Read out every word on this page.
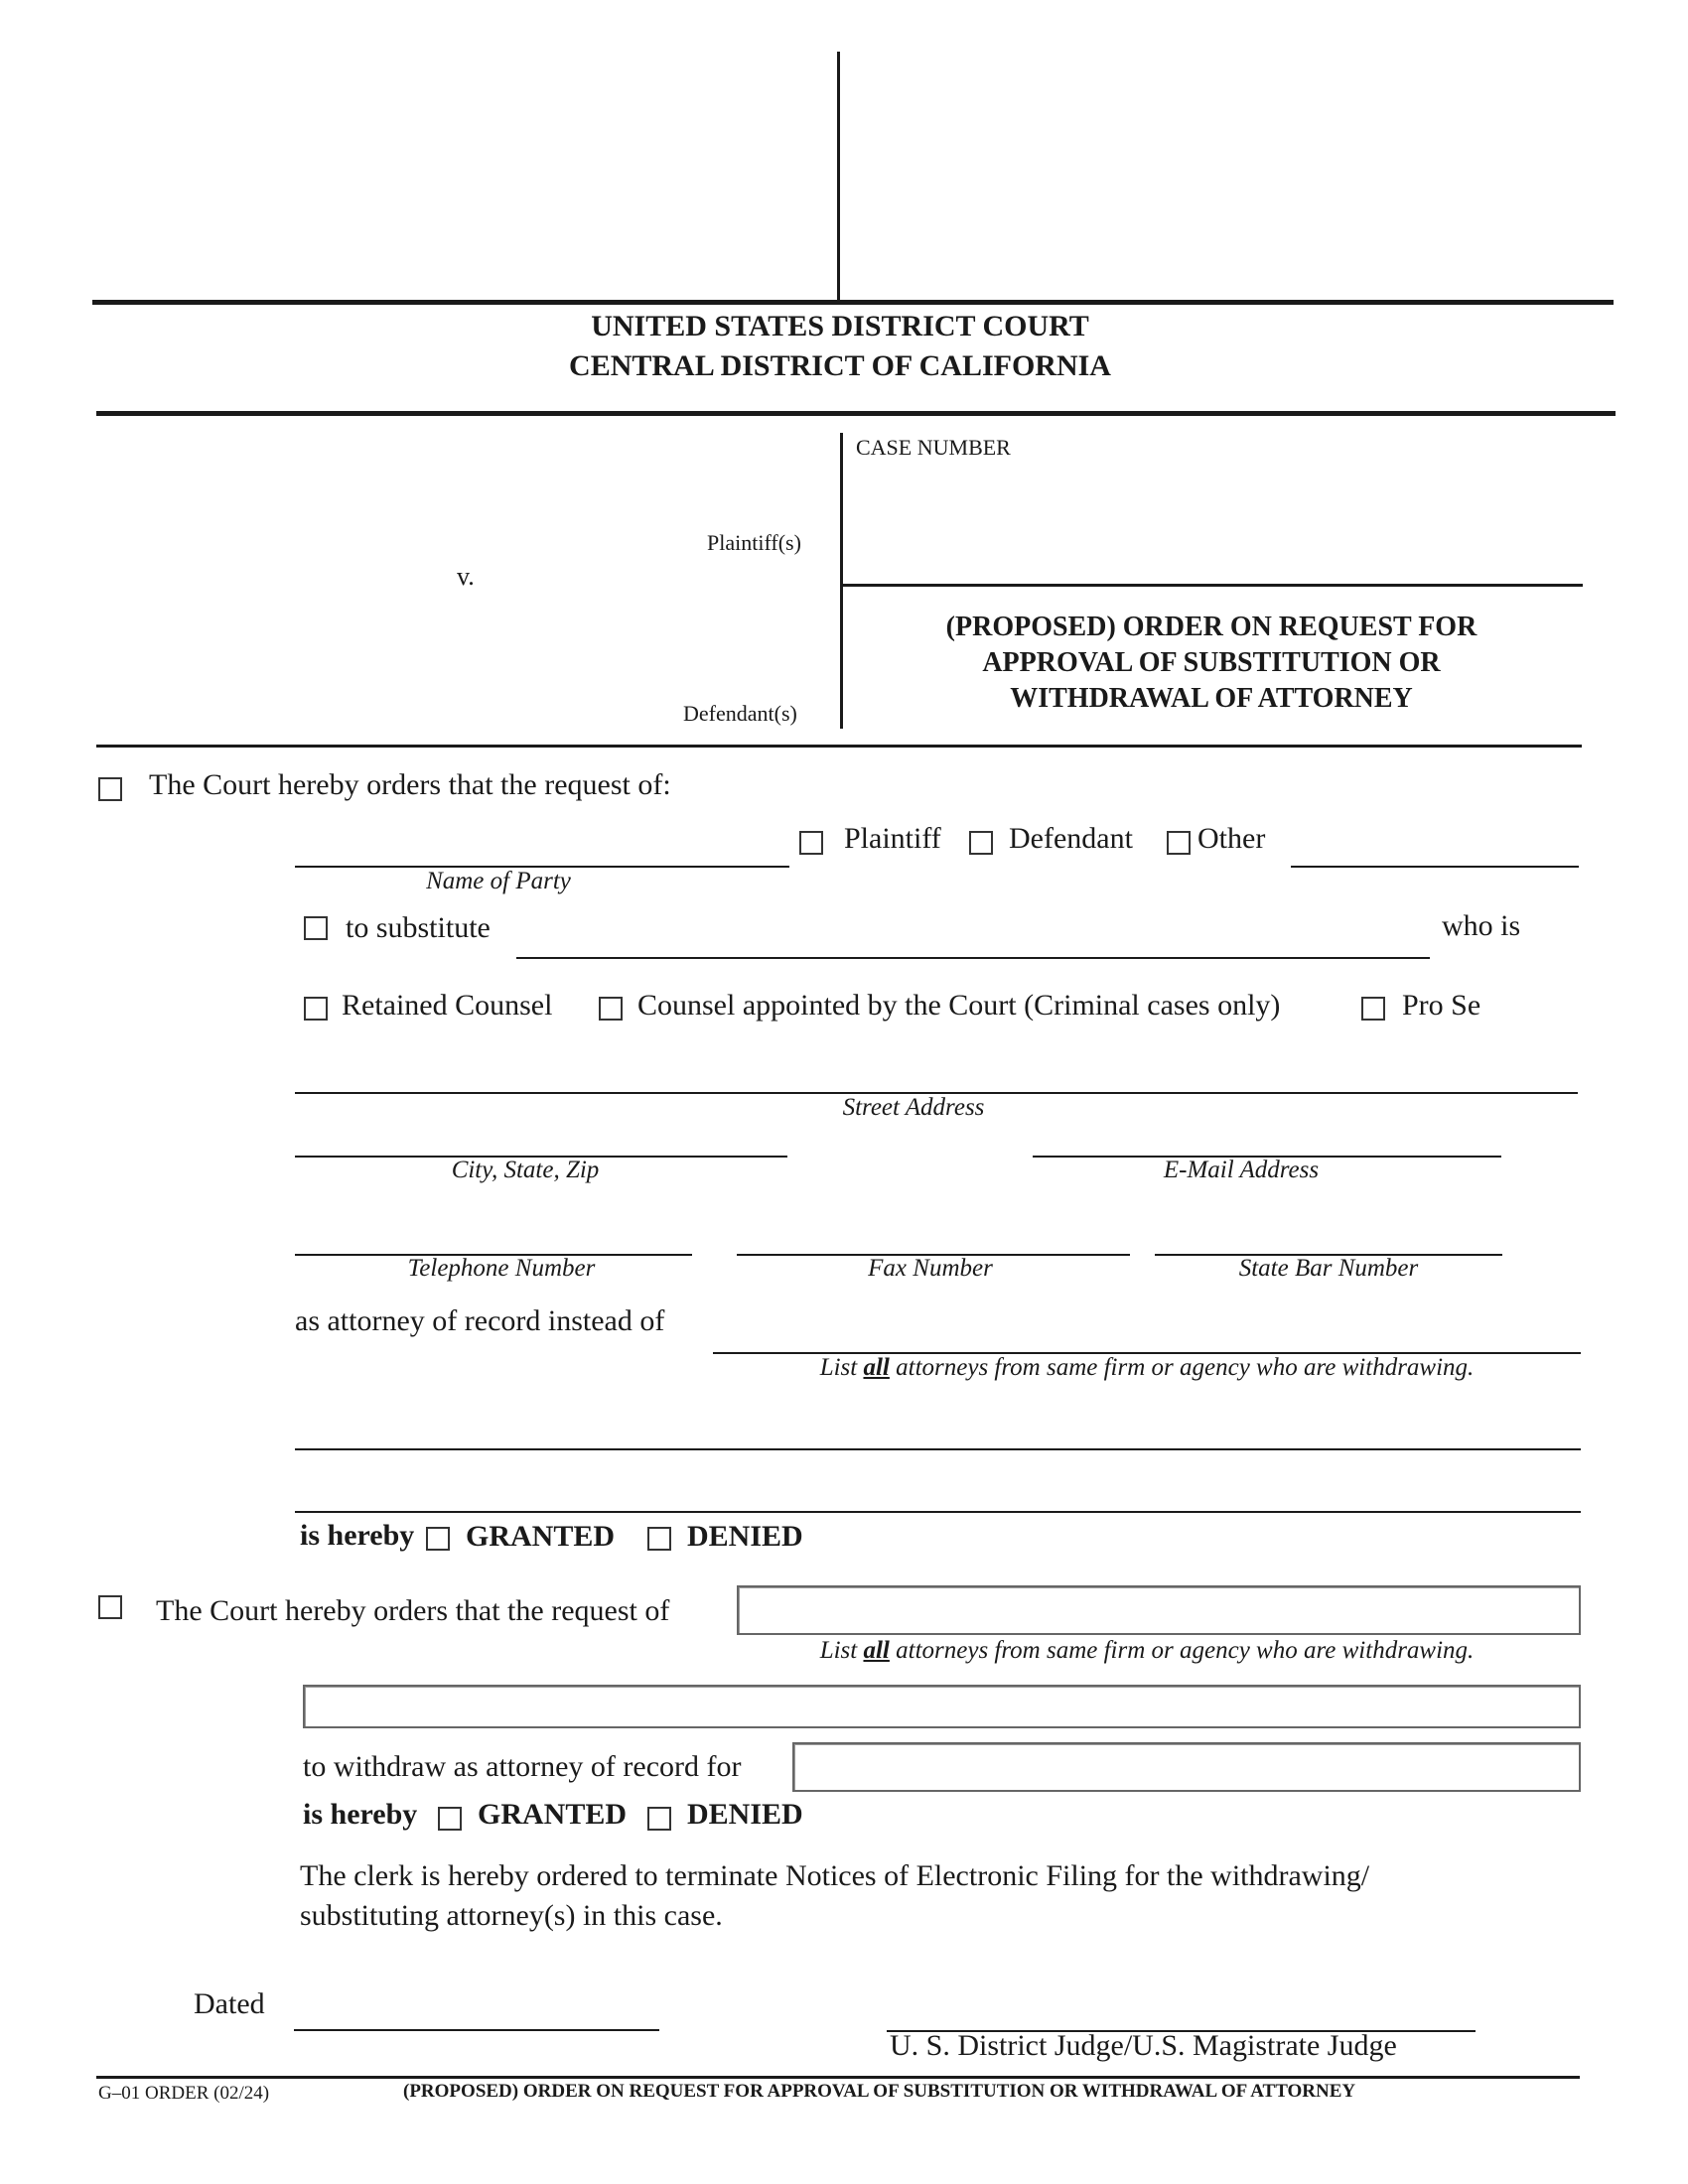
UNITED STATES DISTRICT COURT
CENTRAL DISTRICT OF CALIFORNIA
CASE NUMBER
Plaintiff(s)
v.
Defendant(s)
(PROPOSED) ORDER ON REQUEST FOR
APPROVAL OF SUBSTITUTION OR
WITHDRAWAL OF ATTORNEY
The Court hereby orders that the request of:
Name of Party
Plaintiff Defendant Other
to substitute	who is
Retained Counsel	Counsel appointed by the Court (Criminal cases only)	Pro Se
Street Address
City, State, Zip	E-Mail Address
Telephone Number	Fax Number	State Bar Number
as attorney of record instead of
List all attorneys from same firm or agency who are withdrawing.
is hereby GRANTED DENIED
The Court hereby orders that the request of
List all attorneys from same firm or agency who are withdrawing.
to withdraw as attorney of record for
is hereby GRANTED DENIED
The clerk is hereby ordered to terminate Notices of Electronic Filing for the withdrawing/
substituting attorney(s) in this case.
Dated
U. S. District Judge/U.S. Magistrate Judge
G–01 ORDER (02/24)	(PROPOSED) ORDER ON REQUEST FOR APPROVAL OF SUBSTITUTION OR WITHDRAWAL OF ATTORNEY
